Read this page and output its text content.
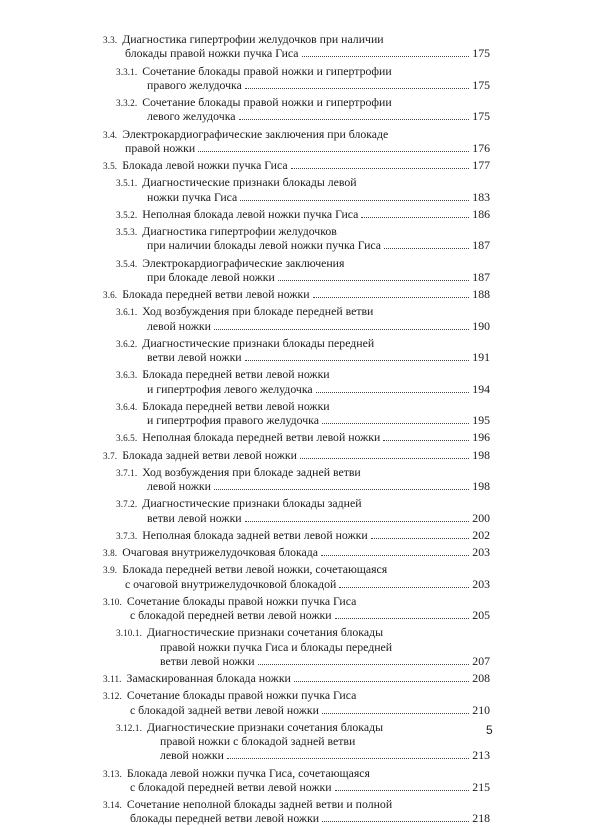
3.3. Диагностика гипертрофии желудочков при наличии
блокады правой ножки пучка Гиса	175
3.3.1. Сочетание блокады правой ножки и гипертрофии
правого желудочка	175
3.3.2. Сочетание блокады правой ножки и гипертрофии
левого желудочка	175
3.4. Электрокардиографические заключения при блокаде
правой ножки	176
3.5. Блокада левой ножки пучка Гиса	177
3.5.1. Диагностические признаки блокады левой
ножки пучка Гиса	183
3.5.2. Неполная блокада левой ножки пучка Гиса	186
3.5.3. Диагностика гипертрофии желудочков
при наличии блокады левой ножки пучка Гиса	187
3.5.4. Электрокардиографические заключения
при блокаде левой ножки	187
3.6. Блокада передней ветви левой ножки	188
3.6.1. Ход возбуждения при блокаде передней ветви
левой ножки	190
3.6.2. Диагностические признаки блокады передней
ветви левой ножки	191
3.6.3. Блокада передней ветви левой ножки
и гипертрофия левого желудочка	194
3.6.4. Блокада передней ветви левой ножки
и гипертрофия правого желудочка	195
3.6.5. Неполная блокада передней ветви левой ножки	196
3.7. Блокада задней ветви левой ножки	198
3.7.1. Ход возбуждения при блокаде задней ветви
левой ножки	198
3.7.2. Диагностические признаки блокады задней
ветви левой ножки	200
3.7.3. Неполная блокада задней ветви левой ножки	202
3.8. Очаговая внутрижелудочковая блокада	203
3.9. Блокада передней ветви левой ножки, сочетающаяся
с очаговой внутрижелудочковой блокадой	203
3.10. Сочетание блокады правой ножки пучка Гиса
с блокадой передней ветви левой ножки	205
3.10.1. Диагностические признаки сочетания блокады
правой ножки пучка Гиса и блокады передней
ветви левой ножки	207
3.11. Замаскированная блокада ножки	208
3.12. Сочетание блокады правой ножки пучка Гиса
с блокадой задней ветви левой ножки	210
3.12.1. Диагностические признаки сочетания блокады
правой ножки с блокадой задней ветви
левой ножки	213
3.13. Блокада левой ножки пучка Гиса, сочетающаяся
с блокадой передней ветви левой ножки	215
3.14. Сочетание неполной блокады задней ветви и полной
блокады передней ветви левой ножки	218
5
